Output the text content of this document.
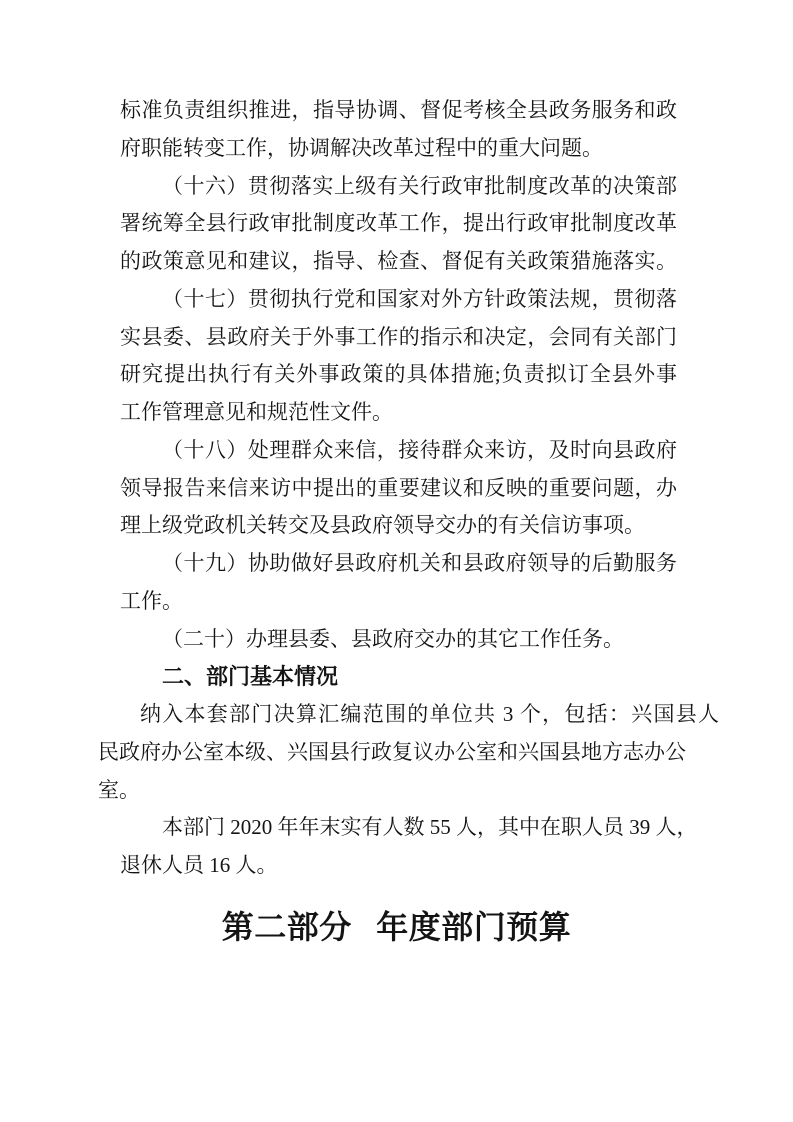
标准负责组织推进，指导协调、督促考核全县政务服务和政
府职能转变工作，协调解决改革过程中的重大问题。
（十六）贯彻落实上级有关行政审批制度改革的决策部
署统筹全县行政审批制度改革工作，提出行政审批制度改革
的政策意见和建议，指导、检查、督促有关政策猎施落实。
（十七）贯彻执行党和国家对外方针政策法规，贯彻落
实县委、县政府关于外事工作的指示和决定，会同有关部门
研究提出执行有关外事政策的具体措施;负责拟订全县外事
工作管理意见和规范性文件。
（十八）处理群众来信，接待群众来访，及时向县政府
领导报告来信来访中提出的重要建议和反映的重要问题，办
理上级党政机关转交及县政府领导交办的有关信访事项。
（十九）协助做好县政府机关和县政府领导的后勤服务
工作。
（二十）办理县委、县政府交办的其它工作任务。
二、部门基本情况
纳入本套部门决算汇编范围的单位共 3 个，包括：兴国县人
民政府办公室本级、兴国县行政复议办公室和兴国县地方志办公
室。
本部门 2020 年年末实有人数 55 人，其中在职人员 39 人，
退休人员 16 人。
第二部分 年度部门预算
